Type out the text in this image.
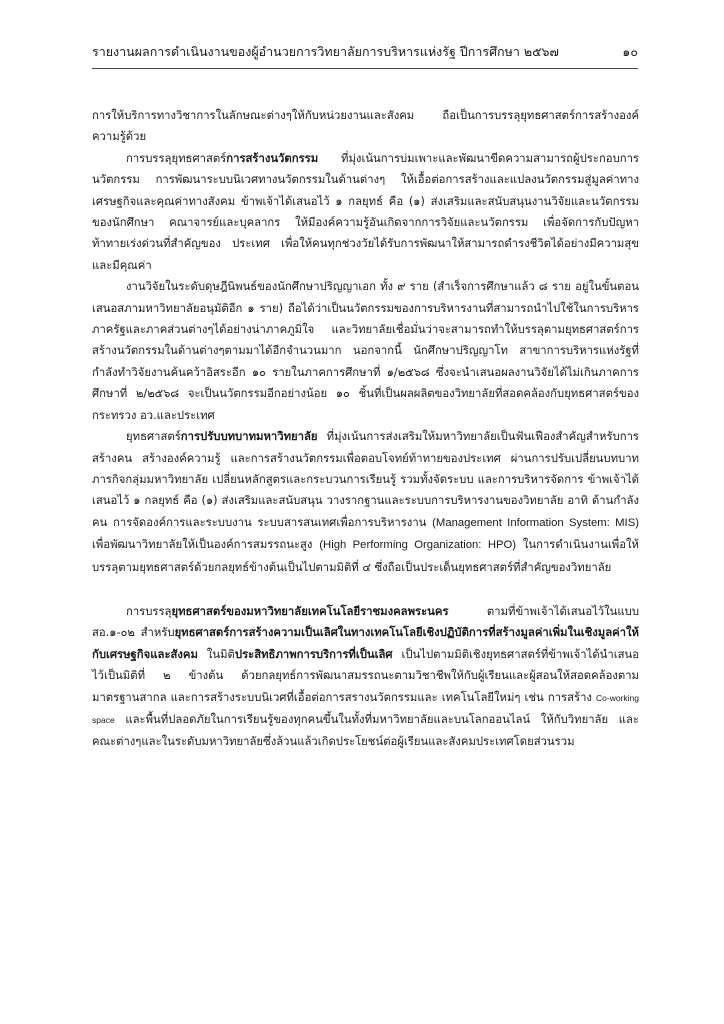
รายงานผลการดำเนินงานของผู้อำนวยการวิทยาลัยการบริหารแห่งรัฐ ปีการศึกษา ๒๕๖๗	๑๐

การให้บริการทางวิชาการในลักษณะต่างๆให้กับหน่วยงานและสังคม ถือเป็นการบรรลุยุทธศาสตร์การสร้างองค์ความรู้ด้วย

การบรรลุยุทธศาสตร์การสร้างนวัตกรรม ที่มุ่งเน้นการบ่มเพาะและพัฒนาขีดความสามารถผู้ประกอบการ นวัตกรรม การพัฒนาระบบนิเวศทางนวัตกรรมในด้านต่างๆ ให้เอื้อต่อการสร้างและแปลงนวัตกรรมสู่มูลค่าทาง เศรษฐกิจและคุณค่าทางสังคม ข้าพเจ้าได้เสนอไว้ ๑ กลยุทธ์ คือ (๑) ส่งเสริมและสนับสนุนงานวิจัยและนวัตกรรมของนักศึกษา คณาจารย์และบุคลากร ให้มีองค์ความรู้อันเกิดจากการวิจัยและนวัตกรรม เพื่อจัดการกับปัญหาท้าทายเร่งด่วนที่สำคัญของ ประเทศ เพื่อให้คนทุกช่วงวัยได้รับการพัฒนาให้สามารถดำรงชีวิตได้อย่างมีความสุขและมีคุณค่า

งานวิจัยในระดับดุษฎีนิพนธ์ของนักศึกษาปริญญาเอก ทั้ง ๙ ราย (สำเร็จการศึกษาแล้ว ๘ ราย อยู่ในขั้นตอนเสนอสภามหาวิทยาลัยอนุมัติอีก ๑ ราย) ถือได้ว่าเป็นนวัตกรรมของการบริหารงานที่สามารถนำไปใช้ในการบริหารภาครัฐและภาคส่วนต่างๆได้อย่างน่าภาคภูมิใจ และวิทยาลัยเชื่อมั่นว่าจะสามารถทำให้บรรลุตามยุทธศาสตร์การสร้างนวัตกรรมในด้านต่างๆตามมาได้อีกจำนวนมาก นอกจากนี้ นักศึกษาปริญญาโท สาขาการบริหารแห่งรัฐที่กำลังทำวิจัยงานค้นคว้าอิสระอีก ๑๐ รายในภาคการศึกษาที่ ๑/๒๕๖๘ ซึ่งจะนำเสนอผลงานวิจัยได้ไม่เกินภาคการศึกษาที่ ๒/๒๕๖๘ จะเป็นนวัตกรรมอีกอย่างน้อย ๑๐ ชิ้นที่เป็นผลผลิตของวิทยาลัยที่สอดคล้องกับยุทธศาสตร์ของกระทรวง อว.และประเทศ

ยุทธศาสตร์การปรับบทบาทมหาวิทยาลัย ที่มุ่งเน้นการส่งเสริมให้มหาวิทยาลัยเป็นฟันเฟืองสำคัญสำหรับการสร้างคน สร้างองค์ความรู้ และการสร้างนวัตกรรมเพื่อตอบโจทย์ท้าทายของประเทศ ผ่านการปรับเปลี่ยนบทบาทภารกิจกลุ่มมหาวิทยาลัย เปลี่ยนหลักสูตรและกระบวนการเรียนรู้ รวมทั้งจัดระบบ และการบริหารจัดการ ข้าพเจ้าได้เสนอไว้ ๑ กลยุทธ์ คือ (๑) ส่งเสริมและสนับสนุน วางรากฐานและระบบการบริหารงานของวิทยาลัย อาทิ ด้านกำลังคน การจัดองค์การและระบบงาน ระบบสารสนเทศเพื่อการบริหารงาน (Management Information System: MIS) เพื่อพัฒนาวิทยาลัยให้เป็นองค์การสมรรถนะสูง (High Performing Organization: HPO) ในการดำเนินงานเพื่อให้บรรลุตามยุทธศาสตร์ด้วยกลยุทธ์ข้างต้นเป็นไปตามมิติที่ ๔ ซึ่งถือเป็นประเด็นยุทธศาสตร์ที่สำคัญของวิทยาลัย

การบรรลุยุทธศาสตร์ของมหาวิทยาลัยเทคโนโลยีราชมงคลพระนคร ตามที่ข้าพเจ้าได้เสนอไว้ในแบบ สอ.๑-๐๒ สำหรับยุทธศาสตร์การสร้างความเป็นเลิศในทางเทคโนโลยีเชิงปฏิบัติการที่สร้างมูลค่าเพิ่มในเชิงมูลค่าให้กับเศรษฐกิจและสังคม ในมิติประสิทธิภาพการบริการที่เป็นเลิศ เป็นไปตามมิติเชิงยุทธศาสตร์ที่ข้าพเจ้าได้นำเสนอไว้เป็นมิติที่ ๒ ข้างต้น ด้วยกลยุทธ์การพัฒนาสมรรถนะตามวิชาชีพให้กับผู้เรียนและผู้สอนให้สอดคล้องตามมาตรฐานสากล และการสร้างระบบนิเวศที่เอื้อต่อการสรางนวัตกรรมและ เทคโนโลยีใหม่ๆ เช่น การสร้าง Co-working space และพื้นที่ปลอดภัยในการเรียนรู้ของทุกคนขึ้นในทั้งที่มหาวิทยาลัยและบนโลกออนไลน์ ให้กับวิทยาลัย และคณะต่างๆและในระดับมหาวิทยาลัยซึ่งล้วนแล้วเกิดประโยชน์ต่อผู้เรียนและสังคมประเทศโดยส่วนรวม
